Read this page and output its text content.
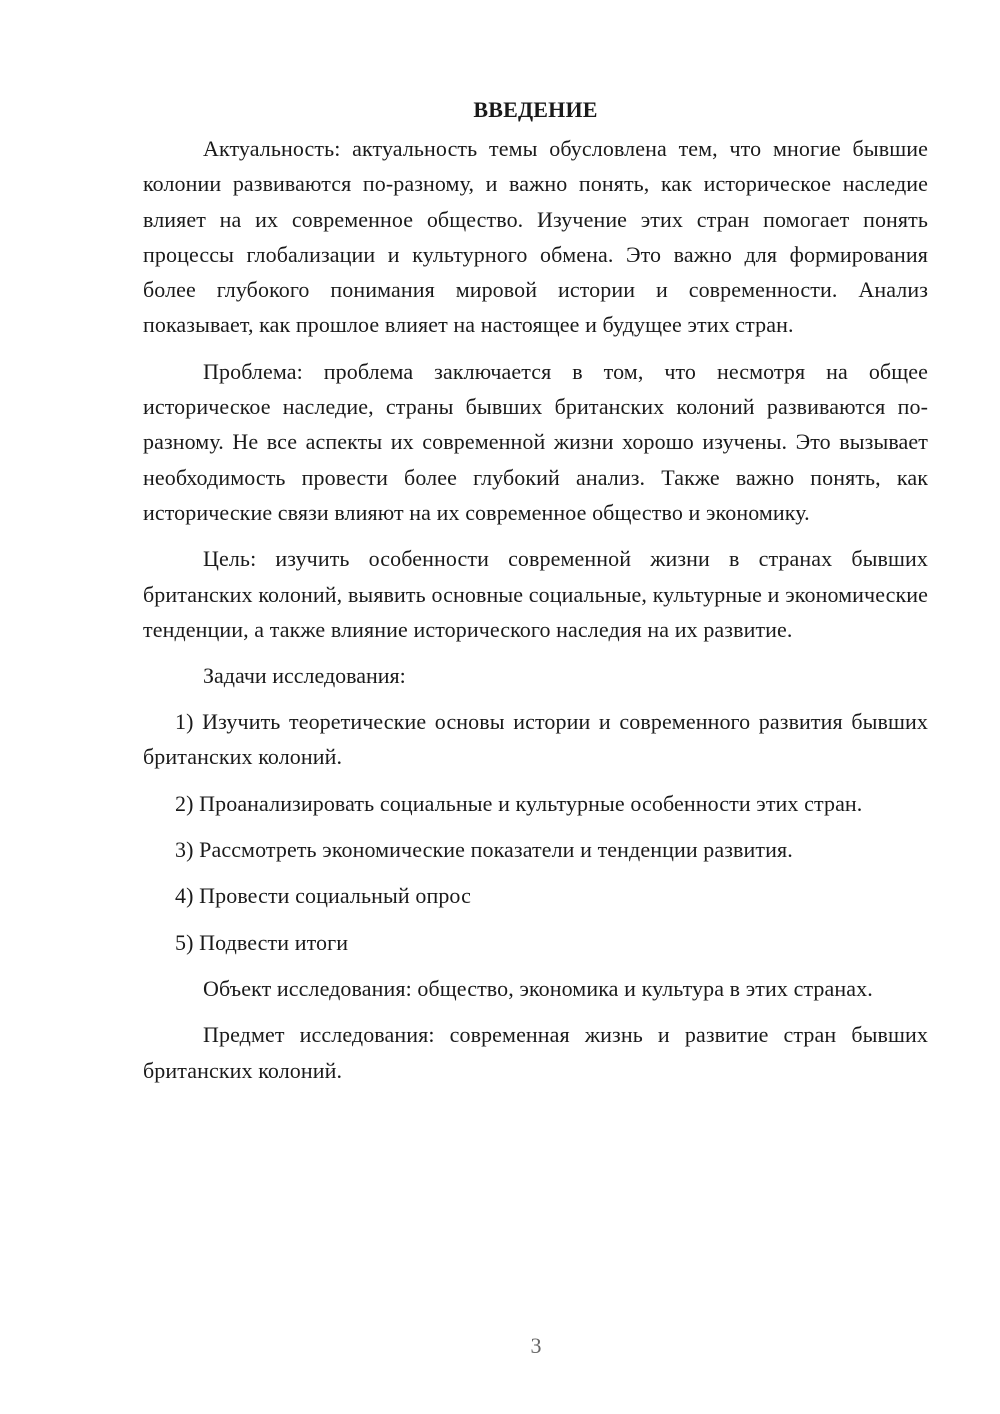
ВВЕДЕНИЕ

Актуальность: актуальность темы обусловлена тем, что многие бывшие колонии развиваются по-разному, и важно понять, как историческое наследие влияет на их современное общество. Изучение этих стран помогает понять процессы глобализации и культурного обмена. Это важно для формирования более глубокого понимания мировой истории и современности. Анализ показывает, как прошлое влияет на настоящее и будущее этих стран.

Проблема: проблема заключается в том, что несмотря на общее историческое наследие, страны бывших британских колоний развиваются по-разному. Не все аспекты их современной жизни хорошо изучены. Это вызывает необходимость провести более глубокий анализ. Также важно понять, как исторические связи влияют на их современное общество и экономику.

Цель: изучить особенности современной жизни в странах бывших британских колоний, выявить основные социальные, культурные и экономические тенденции, а также влияние исторического наследия на их развитие.

Задачи исследования:

1) Изучить теоретические основы истории и современного развития бывших британских колоний.

2) Проанализировать социальные и культурные особенности этих стран.

3) Рассмотреть экономические показатели и тенденции развития.

4) Провести социальный опрос

5) Подвести итоги

Объект исследования: общество, экономика и культура в этих странах.

Предмет исследования: современная жизнь и развитие стран бывших британских колоний.

3
